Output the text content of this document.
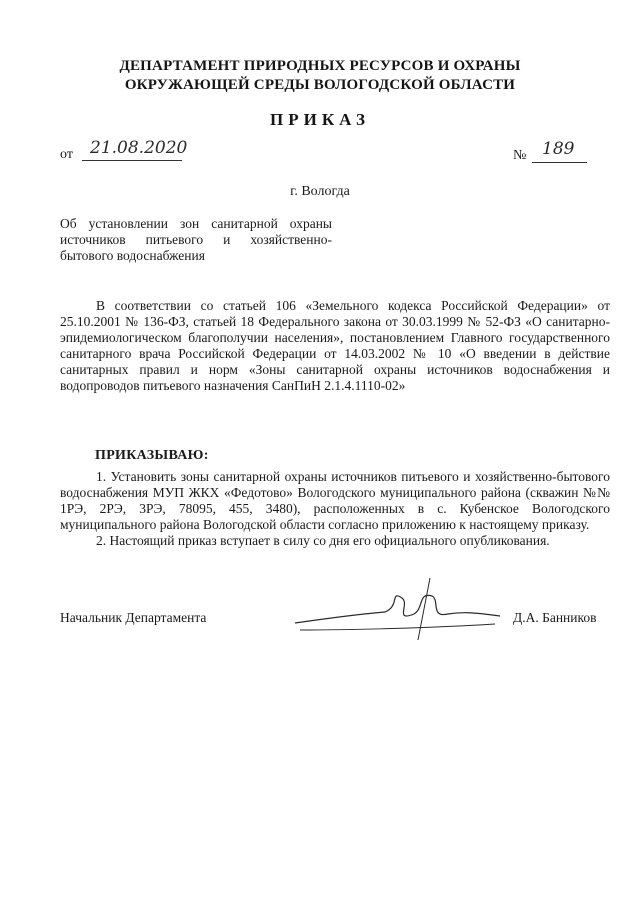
ДЕПАРТАМЕНТ ПРИРОДНЫХ РЕСУРСОВ И ОХРАНЫ

ОКРУЖАЮЩЕЙ СРЕДЫ ВОЛОГОДСКОЙ ОБЛАСТИ

ПРИКАЗ

от 21.08.2020	№ 189

г. Вологда

Об установлении зон санитарной охраны источников питьевого и хозяйственно-бытового водоснабжения

В соответствии со статьей 106 «Земельного кодекса Российской Федерации» от 25.10.2001 № 136-ФЗ, статьей 18 Федерального закона от 30.03.1999 № 52-ФЗ «О санитарно-эпидемиологическом благополучии населения», постановлением Главного государственного санитарного врача Российской Федерации от 14.03.2002 № 10 «О введении в действие санитарных правил и норм «Зоны санитарной охраны источников водоснабжения и водопроводов питьевого назначения СанПиН 2.1.4.1110-02»

ПРИКАЗЫВАЮ:

1. Установить зоны санитарной охраны источников питьевого и хозяйственно-бытового водоснабжения МУП ЖКХ «Федотово» Вологодского муниципального района (скважин №№ 1РЭ, 2РЭ, 3РЭ, 78095, 455, 3480), расположенных в с. Кубенское Вологодского муниципального района Вологодской области согласно приложению к настоящему приказу.

2. Настоящий приказ вступает в силу со дня его официального опубликования.

Начальник Департамента	Д.А. Банников
